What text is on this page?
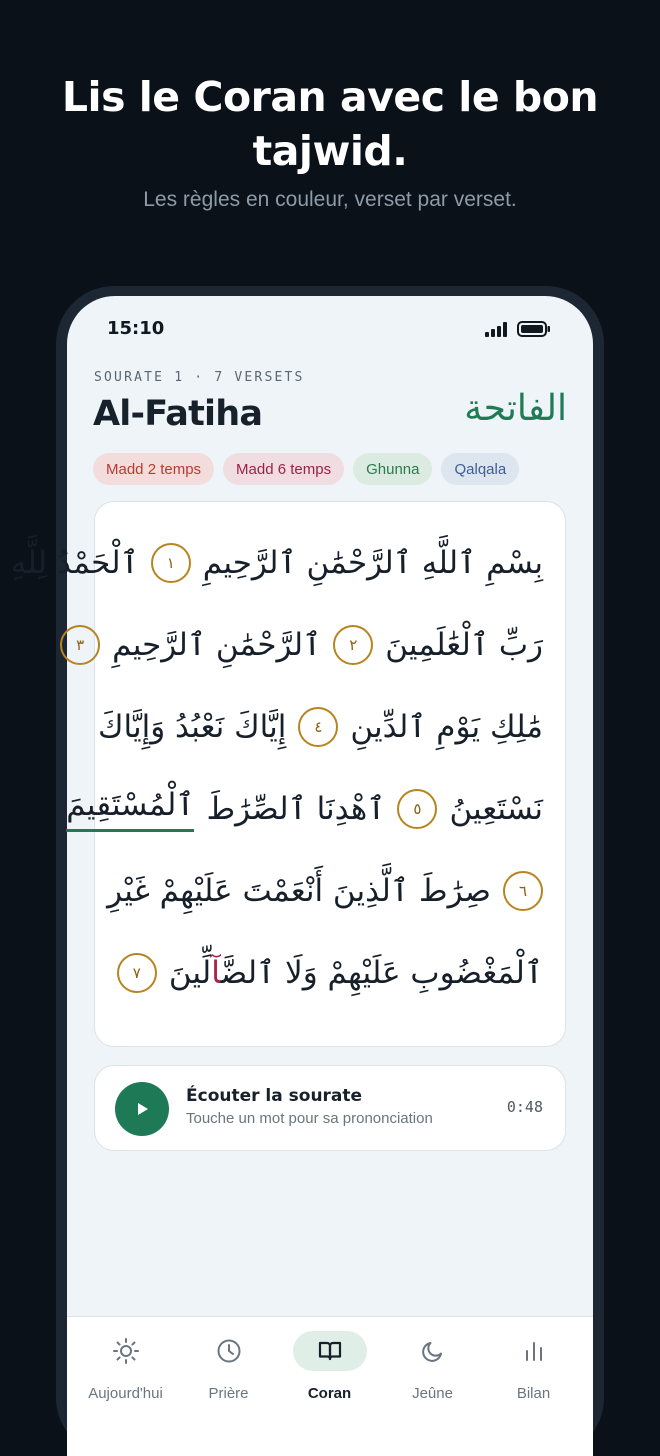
Lis le Coran avec le bon
tajwid.
Les règles en couleur, verset par verset.
15:10
SOURATE 1 · 7 VERSETS
Al-Fatiha	الفاتحة
Madd 2 temps	Madd 6 temps	Ghunna	Qalqala
بِسْمِ ٱللَّهِ ٱلرَّحْمَٰنِ ٱلرَّحِيمِ
١
ٱلْحَمْدُ لِلَّهِ
رَبِّ ٱلْعَٰلَمِينَ
٢
ٱلرَّحْمَٰنِ ٱلرَّحِيمِ
٣
مَٰلِكِ يَوْمِ ٱلدِّينِ
٤
إِيَّاكَ نَعْبُدُ وَإِيَّاكَ
نَسْتَعِينُ
٥
ٱهْدِنَا ٱلصِّرَٰطَ
ٱلْمُسْتَقِيمَ
٦
صِرَٰطَ ٱلَّذِينَ أَنْعَمْتَ عَلَيْهِمْ غَيْرِ
ٱلْمَغْضُوبِ عَلَيْهِمْ وَلَا ٱلضَّآلِّينَ
٧
Écouter la sourate
Touche un mot pour sa prononciation
0:48
Aujourd'hui	Prière	Coran	Jeûne	Bilan
